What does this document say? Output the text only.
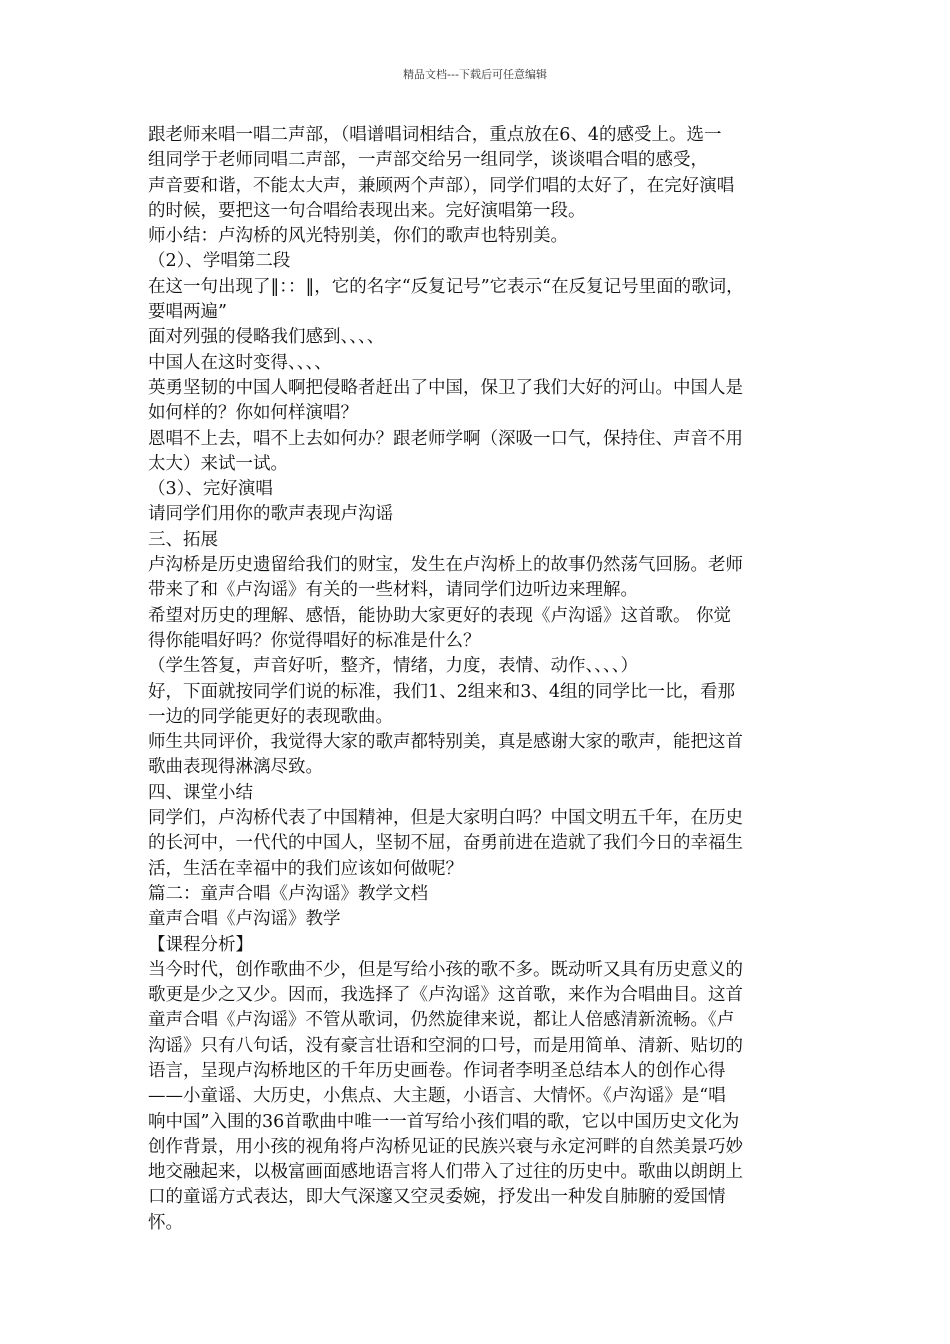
精品文档---下载后可任意编辑
跟老师来唱一唱二声部，（唱谱唱词相结合，重点放在6、4的感受上。选一
组同学于老师同唱二声部，一声部交给另一组同学，谈谈唱合唱的感受，
声音要和谐，不能太大声，兼顾两个声部），同学们唱的太好了，在完好演唱
的时候，要把这一句合唱给表现出来。完好演唱第一段。
师小结：卢沟桥的风光特别美，你们的歌声也特别美。
（2）、学唱第二段
在这一句出现了‖：：‖，它的名字“反复记号”它表示“在反复记号里面的歌词，
要唱两遍”
面对列强的侵略我们感到、、、、
中国人在这时变得、、、、
英勇坚韧的中国人啊把侵略者赶出了中国，保卫了我们大好的河山。中国人是
如何样的？你如何样演唱？
恩唱不上去，唱不上去如何办？跟老师学啊（深吸一口气，保持住、声音不用
太大）来试一试。
（3）、完好演唱
请同学们用你的歌声表现卢沟谣
三、拓展
卢沟桥是历史遗留给我们的财宝，发生在卢沟桥上的故事仍然荡气回肠。老师
带来了和《卢沟谣》有关的一些材料，请同学们边听边来理解。
希望对历史的理解、感悟，能协助大家更好的表现《卢沟谣》这首歌。 你觉
得你能唱好吗？你觉得唱好的标准是什么？
（学生答复，声音好听，整齐，情绪，力度，表情、动作、、、、）
好，下面就按同学们说的标准，我们1、2组来和3、4组的同学比一比，看那
一边的同学能更好的表现歌曲。
师生共同评价，我觉得大家的歌声都特别美，真是感谢大家的歌声，能把这首
歌曲表现得淋漓尽致。
四、课堂小结
同学们，卢沟桥代表了中国精神，但是大家明白吗？中国文明五千年，在历史
的长河中，一代代的中国人，坚韧不屈，奋勇前进在造就了我们今日的幸福生
活，生活在幸福中的我们应该如何做呢？
篇二：童声合唱《卢沟谣》教学文档
童声合唱《卢沟谣》教学
【课程分析】
当今时代，创作歌曲不少，但是写给小孩的歌不多。既动听又具有历史意义的
歌更是少之又少。因而，我选择了《卢沟谣》这首歌，来作为合唱曲目。这首
童声合唱《卢沟谣》不管从歌词，仍然旋律来说，都让人倍感清新流畅。《卢
沟谣》只有八句话，没有豪言壮语和空洞的口号，而是用简单、清新、贴切的
语言，呈现卢沟桥地区的千年历史画卷。作词者李明圣总结本人的创作心得
——小童谣、大历史，小焦点、大主题，小语言、大情怀。《卢沟谣》是“唱
响中国”入围的36首歌曲中唯一一首写给小孩们唱的歌，它以中国历史文化为
创作背景，用小孩的视角将卢沟桥见证的民族兴衰与永定河畔的自然美景巧妙
地交融起来，以极富画面感地语言将人们带入了过往的历史中。歌曲以朗朗上
口的童谣方式表达，即大气深邃又空灵委婉，抒发出一种发自肺腑的爱国情
怀。
